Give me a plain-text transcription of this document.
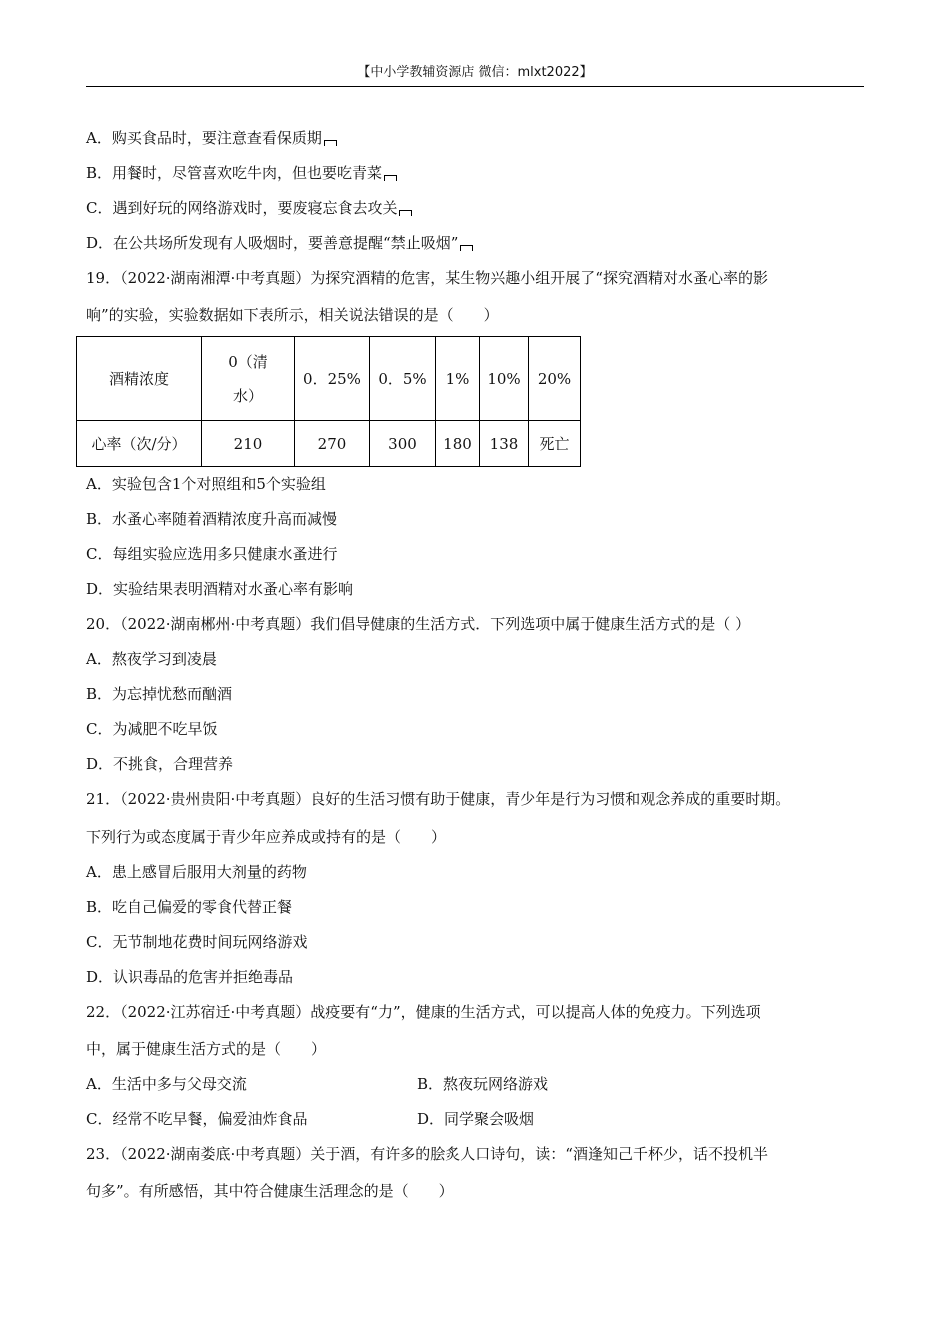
【中小学教辅资源店 微信：mlxt2022】
A．购买食品时，要注意查看保质期
B．用餐时，尽管喜欢吃牛肉，但也要吃青菜
C．遇到好玩的网络游戏时，要废寝忘食去攻关
D．在公共场所发现有人吸烟时，要善意提醒“禁止吸烟”
19．（2022·湖南湘潭·中考真题）为探究酒精的危害，某生物兴趣小组开展了“探究酒精对水蚤心率的影
响”的实验，实验数据如下表所示，相关说法错误的是（　　）
酒精浓度	0（清水）	0．25%	0．5%	1%	10%	20%
心率（次/分）	210	270	300	180	138	死亡
A．实验包含1个对照组和5个实验组
B．水蚤心率随着酒精浓度升高而减慢
C．每组实验应选用多只健康水蚤进行
D．实验结果表明酒精对水蚤心率有影响
20．（2022·湖南郴州·中考真题）我们倡导健康的生活方式．下列选项中属于健康生活方式的是（ ）
A．熬夜学习到凌晨
B．为忘掉忧愁而酗酒
C．为减肥不吃早饭
D．不挑食，合理营养
21．（2022·贵州贵阳·中考真题）良好的生活习惯有助于健康，青少年是行为习惯和观念养成的重要时期。
下列行为或态度属于青少年应养成或持有的是（　　）
A．患上感冒后服用大剂量的药物
B．吃自己偏爱的零食代替正餐
C．无节制地花费时间玩网络游戏
D．认识毒品的危害并拒绝毒品
22．（2022·江苏宿迁·中考真题）战疫要有“力”，健康的生活方式，可以提高人体的免疫力。下列选项
中，属于健康生活方式的是（　　）
A．生活中多与父母交流	B．熬夜玩网络游戏
C．经常不吃早餐，偏爱油炸食品	D．同学聚会吸烟
23．（2022·湖南娄底·中考真题）关于酒，有许多的脍炙人口诗句，读：“酒逢知己千杯少，话不投机半
句多”。有所感悟，其中符合健康生活理念的是（　　）
